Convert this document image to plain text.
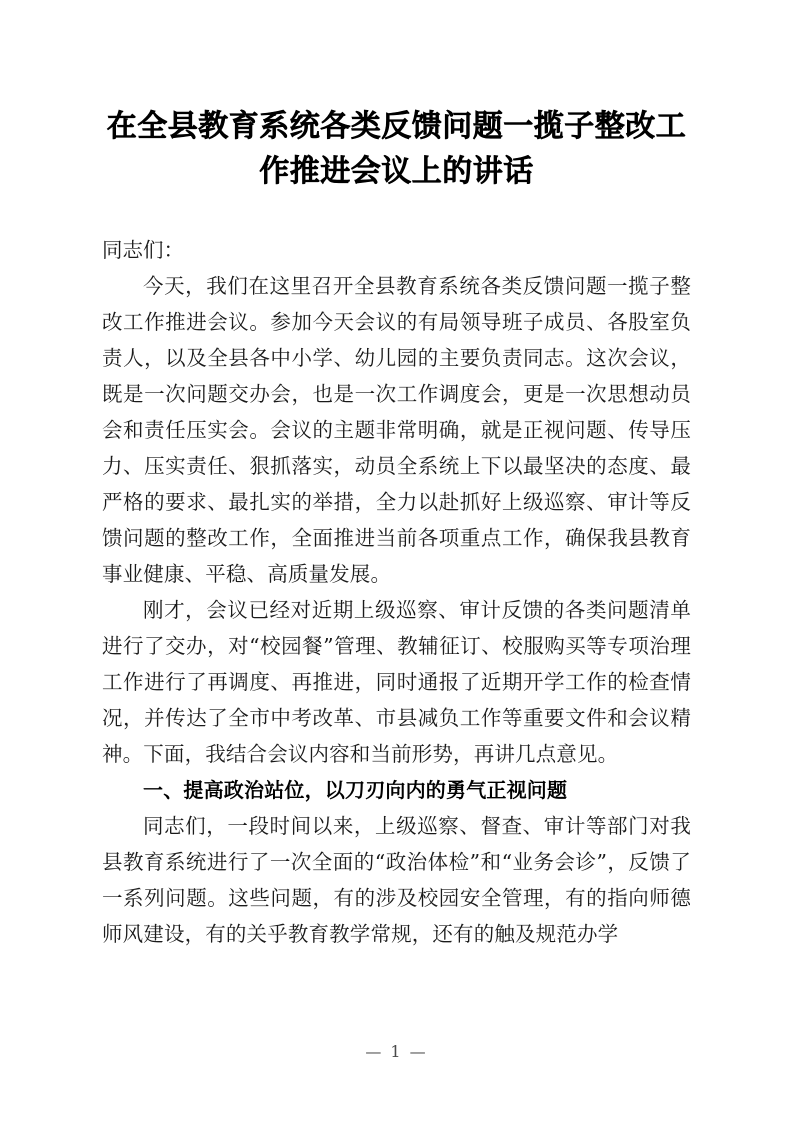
在全县教育系统各类反馈问题一揽子整改工作推进会议上的讲话

同志们：

今天，我们在这里召开全县教育系统各类反馈问题一揽子整改工作推进会议。参加今天会议的有局领导班子成员、各股室负责人，以及全县各中小学、幼儿园的主要负责同志。这次会议，既是一次问题交办会，也是一次工作调度会，更是一次思想动员会和责任压实会。会议的主题非常明确，就是正视问题、传导压力、压实责任、狠抓落实，动员全系统上下以最坚决的态度、最严格的要求、最扎实的举措，全力以赴抓好上级巡察、审计等反馈问题的整改工作，全面推进当前各项重点工作，确保我县教育事业健康、平稳、高质量发展。

刚才，会议已经对近期上级巡察、审计反馈的各类问题清单进行了交办，对“校园餐”管理、教辅征订、校服购买等专项治理工作进行了再调度、再推进，同时通报了近期开学工作的检查情况，并传达了全市中考改革、市县减负工作等重要文件和会议精神。下面，我结合会议内容和当前形势，再讲几点意见。

一、提高政治站位，以刀刃向内的勇气正视问题

同志们，一段时间以来，上级巡察、督查、审计等部门对我县教育系统进行了一次全面的“政治体检”和“业务会诊”，反馈了一系列问题。这些问题，有的涉及校园安全管理，有的指向师德师风建设，有的关乎教育教学常规，还有的触及规范办学

— 1 —
